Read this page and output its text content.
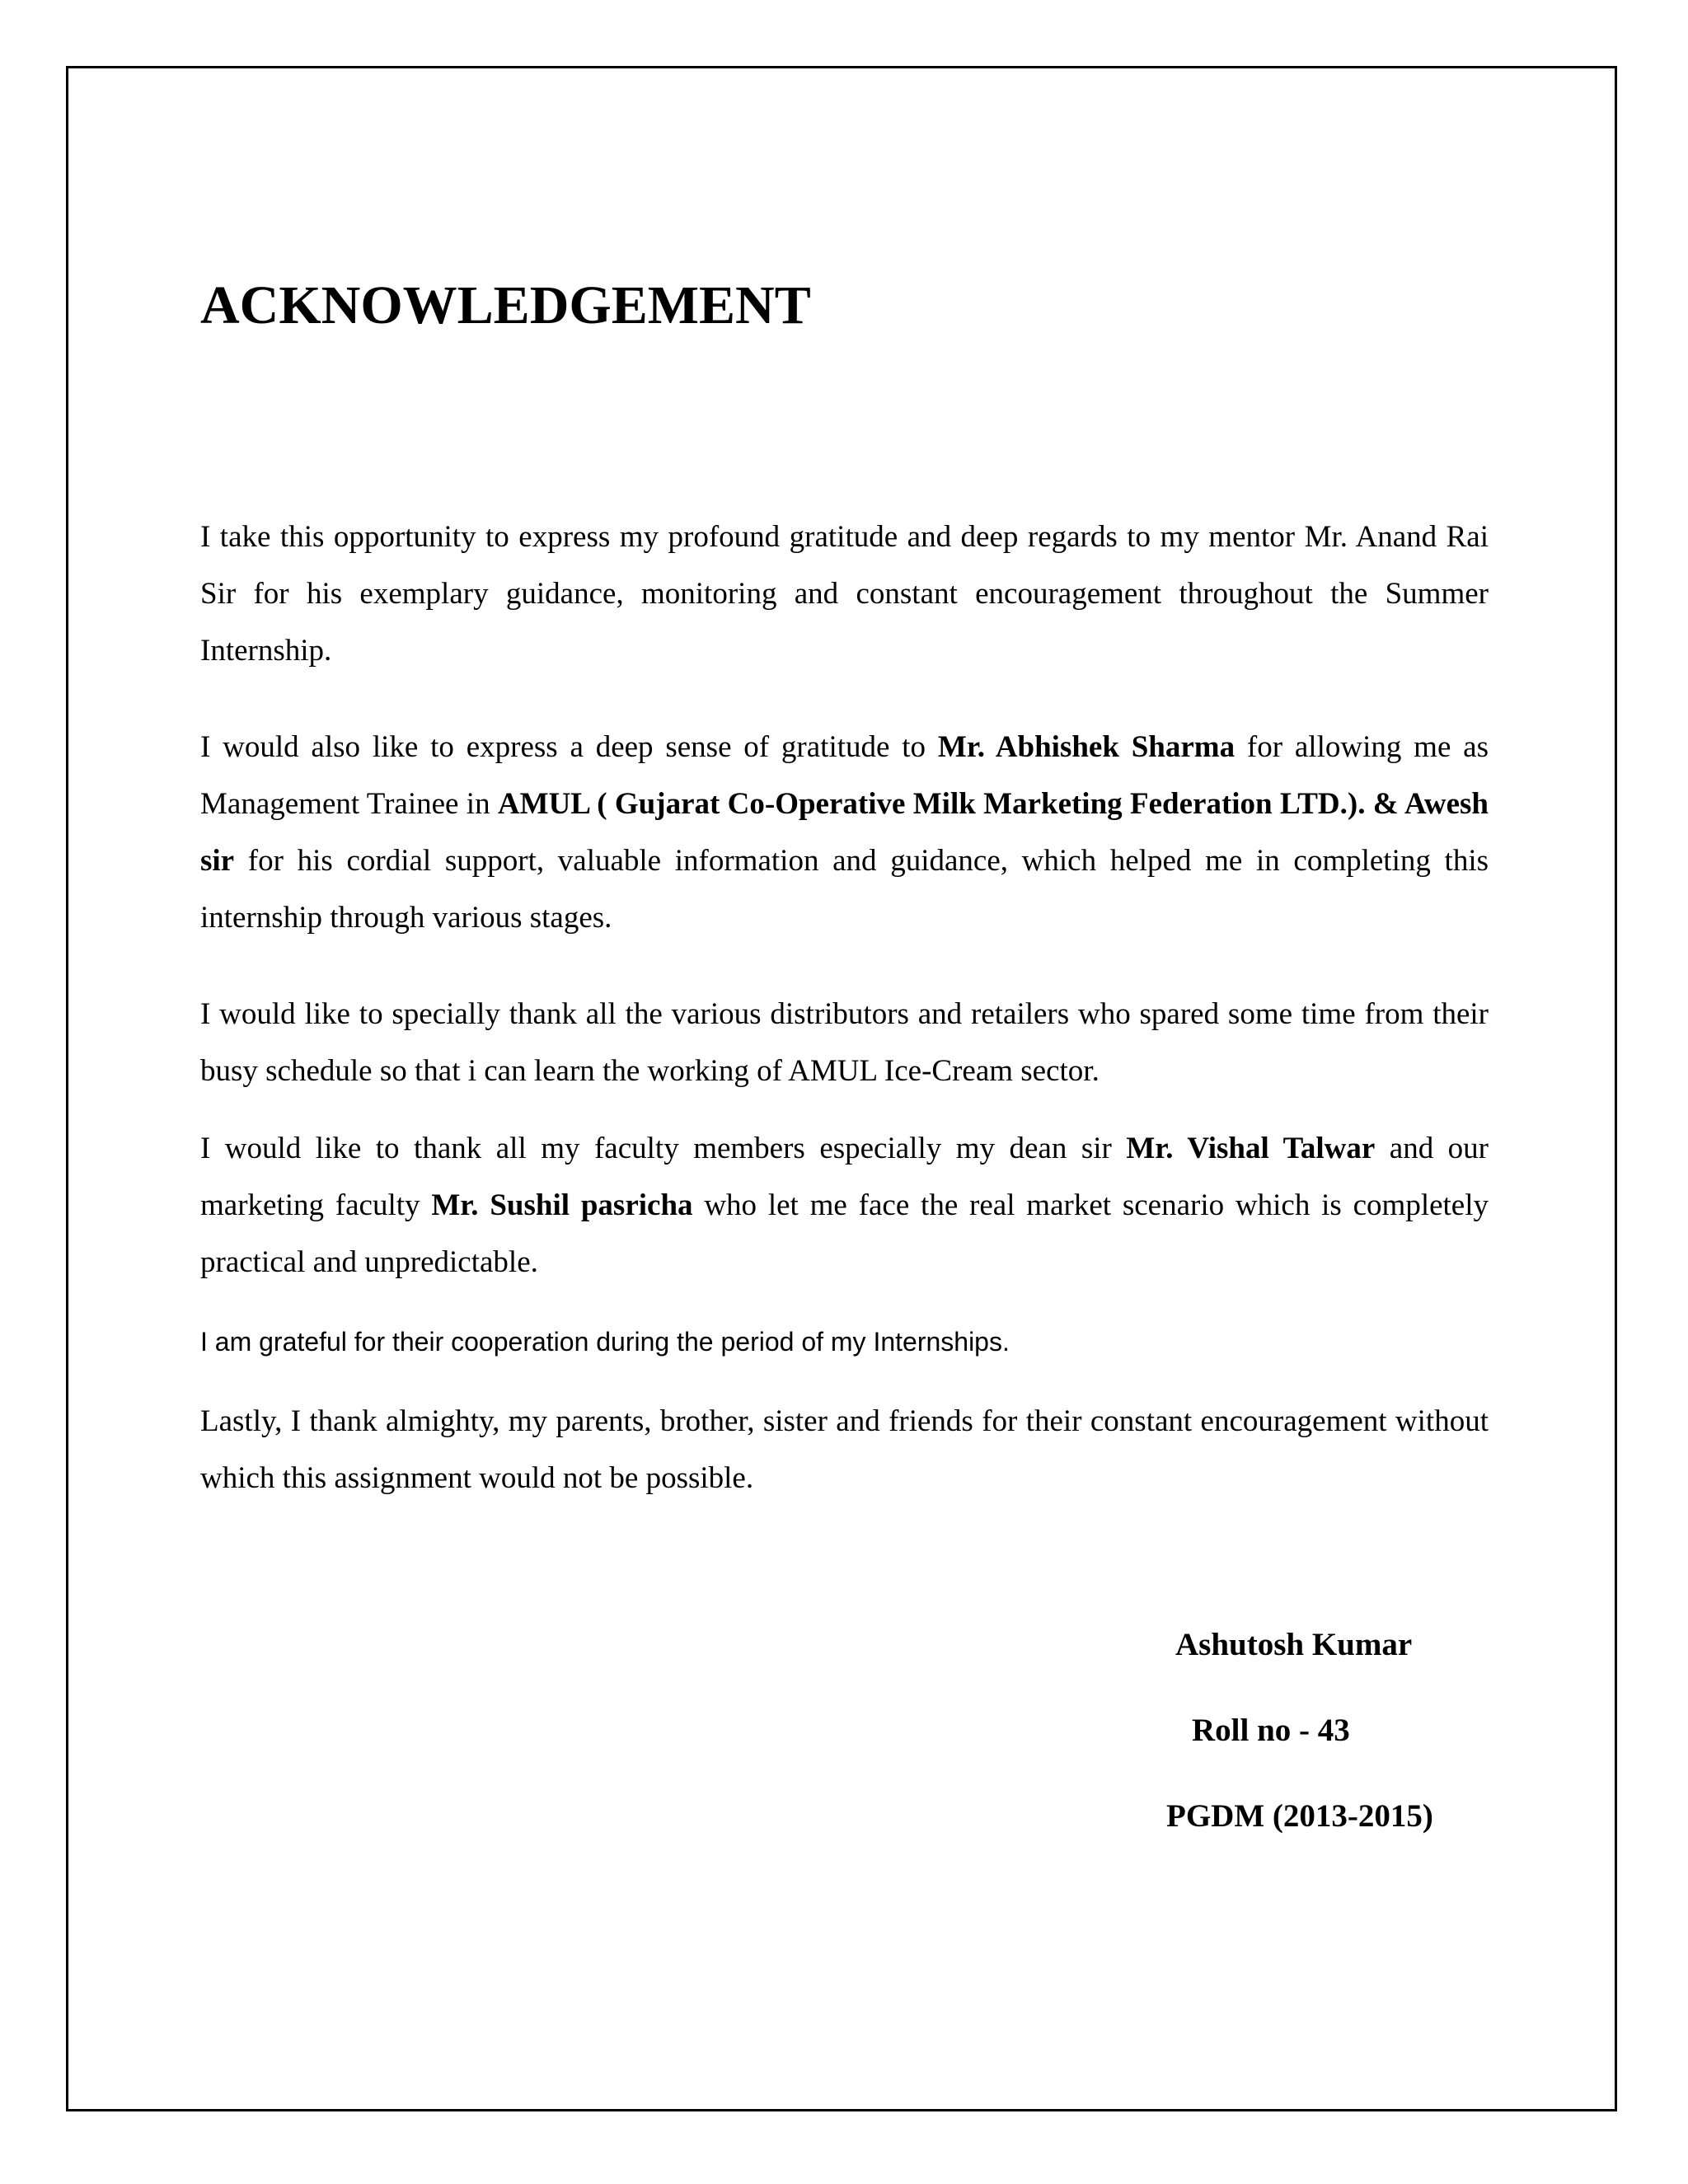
ACKNOWLEDGEMENT

I take this opportunity to express my profound gratitude and deep regards to my mentor Mr. Anand Rai Sir for his exemplary guidance, monitoring and constant encouragement throughout the Summer Internship.

I would also like to express a deep sense of gratitude to Mr. Abhishek Sharma for allowing me as Management Trainee in AMUL ( Gujarat Co-Operative Milk Marketing Federation LTD.). & Awesh sir for his cordial support, valuable information and guidance, which helped me in completing this internship through various stages.

I would like to specially thank all the various distributors and retailers who spared some time from their busy schedule so that i can learn the working of AMUL Ice-Cream sector.

I would like to thank all my faculty members especially my dean sir Mr. Vishal Talwar and our marketing faculty Mr. Sushil pasricha who let me face the real market scenario which is completely practical and unpredictable.

I am grateful for their cooperation during the period of my Internships.

Lastly, I thank almighty, my parents, brother, sister and friends for their constant encouragement without which this assignment would not be possible.

Ashutosh Kumar

Roll no - 43

PGDM (2013-2015)
